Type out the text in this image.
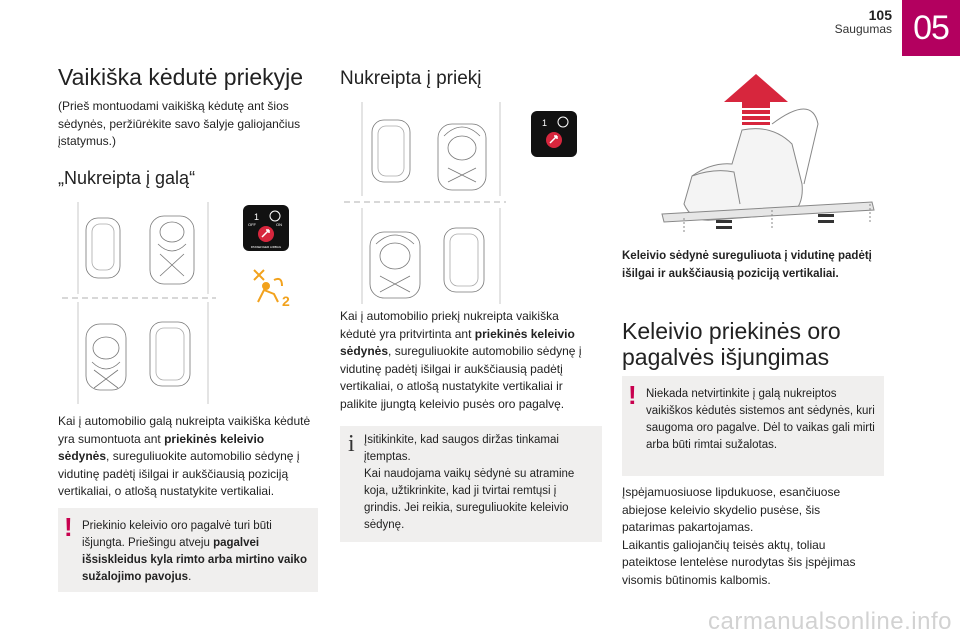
105
Saugumas 05
Vaikiška kėdutė priekyje
(Prieš montuodami vaikišką kėdutę ant šios sėdynės, peržiūrėkite savo šalyje galiojančius įstatymus.)
„Nukreipta į galą“
1
OFF	ON
PASSENGER AIRBAG
2
Kai į automobilio galą nukreipta vaikiška kėdutė yra sumontuota ant priekinės keleivio sėdynės, sureguliuokite automobilio sėdynę į vidutinę padėtį išilgai ir aukščiausią poziciją vertikaliai, o atlošą nustatykite vertikaliai.
! Priekinio keleivio oro pagalvė turi būti išjungta. Priešingu atveju pagalvei išsiskleidus kyla rimto arba mirtino vaiko sužalojimo pavojus.
Nukreipta į priekį
1
Kai į automobilio priekį nukreipta vaikiška kėdutė yra pritvirtinta ant priekinės keleivio sėdynės, sureguliuokite automobilio sėdynę į vidutinę padėtį išilgai ir aukščiausią padėtį vertikaliai, o atlošą nustatykite vertikaliai ir palikite įjungtą keleivio pusės oro pagalvę.
i Įsitikinkite, kad saugos diržas tinkamai įtemptas.
Kai naudojama vaikų sėdynė su atramine koja, užtikrinkite, kad ji tvirtai remtųsi į grindis. Jei reikia, sureguliuokite keleivio sėdynę.
Keleivio sėdynė sureguliuota į vidutinę padėtį išilgai ir aukščiausią poziciją vertikaliai.
Keleivio priekinės oro pagalvės išjungimas
! Niekada netvirtinkite į galą nukreiptos vaikiškos kėdutės sistemos ant sėdynės, kuri saugoma oro pagalve. Dėl to vaikas gali mirti arba būti rimtai sužalotas.
Įspėjamuosiuose lipdukuose, esančiuose abiejose keleivio skydelio pusėse, šis patarimas pakartojamas.
Laikantis galiojančių teisės aktų, toliau pateiktose lentelėse nurodytas šis įspėjimas visomis būtinomis kalbomis.
carmanualsonline.info
